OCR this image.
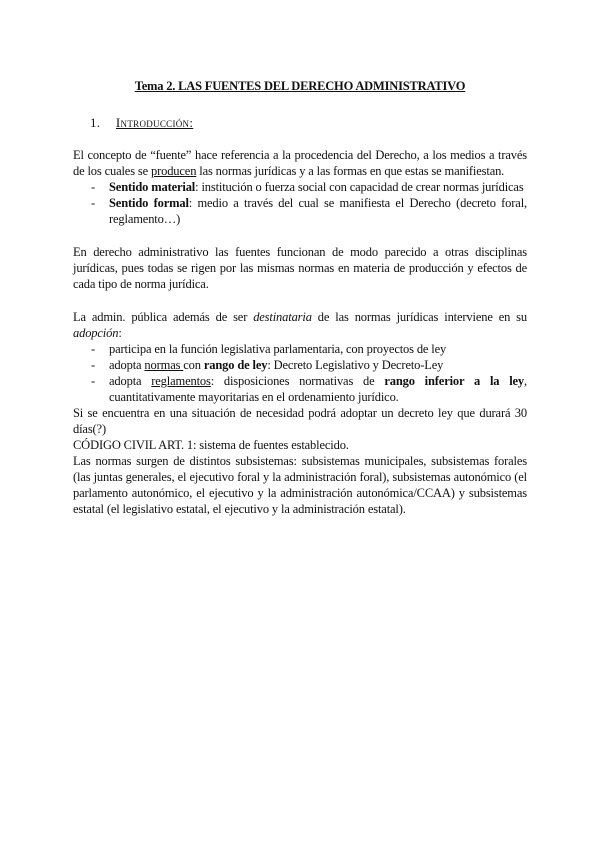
Tema 2. LAS FUENTES DEL DERECHO ADMINISTRATIVO
1. Introducción:

El concepto de “fuente” hace referencia a la procedencia del Derecho, a los medios a través de los cuales se producen las normas jurídicas y a las formas en que estas se manifiestan.

- Sentido material: institución o fuerza social con capacidad de crear normas jurídicas
- Sentido formal: medio a través del cual se manifiesta el Derecho (decreto foral, reglamento…)

En derecho administrativo las fuentes funcionan de modo parecido a otras disciplinas jurídicas, pues todas se rigen por las mismas normas en materia de producción y efectos de cada tipo de norma jurídica.

La admin. pública además de ser destinataria de las normas jurídicas interviene en su adopción:

- participa en la función legislativa parlamentaria, con proyectos de ley
- adopta normas con rango de ley: Decreto Legislativo y Decreto-Ley
- adopta reglamentos: disposiciones normativas de rango inferior a la ley, cuantitativamente mayoritarias en el ordenamiento jurídico.

Si se encuentra en una situación de necesidad podrá adoptar un decreto ley que durará 30 días(?)

CÓDIGO CIVIL ART. 1: sistema de fuentes establecido.

Las normas surgen de distintos subsistemas: subsistemas municipales, subsistemas forales (las juntas generales, el ejecutivo foral y la administración foral), subsistemas autonómico (el parlamento autonómico, el ejecutivo y la administración autonómica/CCAA) y subsistemas estatal (el legislativo estatal, el ejecutivo y la administración estatal).
